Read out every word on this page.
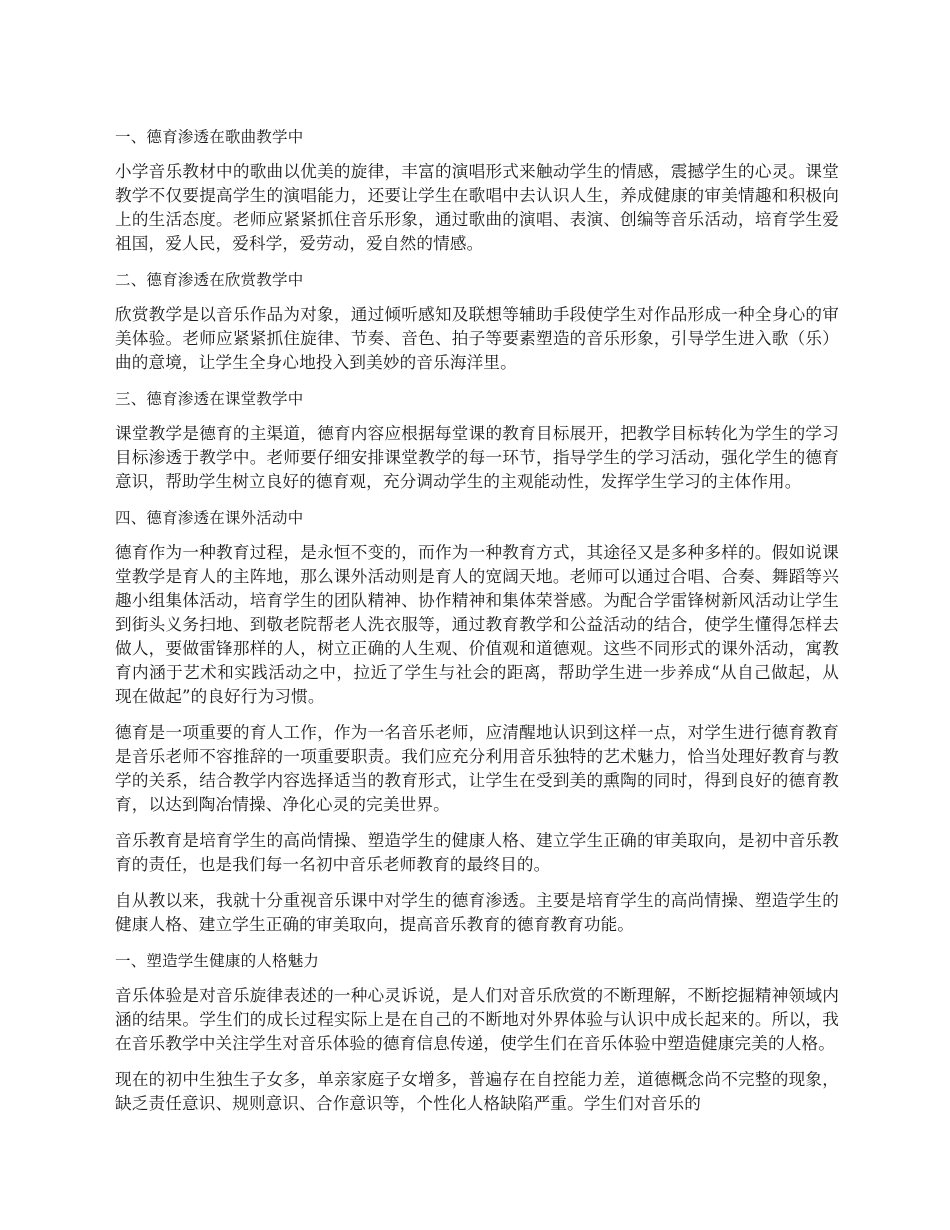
一、德育渗透在歌曲教学中
小学音乐教材中的歌曲以优美的旋律，丰富的演唱形式来触动学生的情感，震撼学生的心灵。课堂教学不仅要提高学生的演唱能力，还要让学生在歌唱中去认识人生，养成健康的审美情趣和积极向上的生活态度。老师应紧紧抓住音乐形象，通过歌曲的演唱、表演、创编等音乐活动，培育学生爱祖国，爱人民，爱科学，爱劳动，爱自然的情感。
二、德育渗透在欣赏教学中
欣赏教学是以音乐作品为对象，通过倾听感知及联想等辅助手段使学生对作品形成一种全身心的审美体验。老师应紧紧抓住旋律、节奏、音色、拍子等要素塑造的音乐形象，引导学生进入歌（乐）曲的意境，让学生全身心地投入到美妙的音乐海洋里。
三、德育渗透在课堂教学中
课堂教学是德育的主渠道，德育内容应根据每堂课的教育目标展开，把教学目标转化为学生的学习目标渗透于教学中。老师要仔细安排课堂教学的每一环节，指导学生的学习活动，强化学生的德育意识，帮助学生树立良好的德育观，充分调动学生的主观能动性，发挥学生学习的主体作用。
四、德育渗透在课外活动中
德育作为一种教育过程，是永恒不变的，而作为一种教育方式，其途径又是多种多样的。假如说课堂教学是育人的主阵地，那么课外活动则是育人的宽阔天地。老师可以通过合唱、合奏、舞蹈等兴趣小组集体活动，培育学生的团队精神、协作精神和集体荣誉感。为配合学雷锋树新风活动让学生到街头义务扫地、到敬老院帮老人洗衣服等，通过教育教学和公益活动的结合，使学生懂得怎样去做人，要做雷锋那样的人，树立正确的人生观、价值观和道德观。这些不同形式的课外活动，寓教育内涵于艺术和实践活动之中，拉近了学生与社会的距离，帮助学生进一步养成“从自己做起，从现在做起”的良好行为习惯。
德育是一项重要的育人工作，作为一名音乐老师，应清醒地认识到这样一点，对学生进行德育教育是音乐老师不容推辞的一项重要职责。我们应充分利用音乐独特的艺术魅力，恰当处理好教育与教学的关系，结合教学内容选择适当的教育形式，让学生在受到美的熏陶的同时，得到良好的德育教育，以达到陶冶情操、净化心灵的完美世界。
音乐教育是培育学生的高尚情操、塑造学生的健康人格、建立学生正确的审美取向，是初中音乐教育的责任，也是我们每一名初中音乐老师教育的最终目的。
自从教以来，我就十分重视音乐课中对学生的德育渗透。主要是培育学生的高尚情操、塑造学生的健康人格、建立学生正确的审美取向，提高音乐教育的德育教育功能。
一、塑造学生健康的人格魅力
音乐体验是对音乐旋律表述的一种心灵诉说，是人们对音乐欣赏的不断理解，不断挖掘精神领域内涵的结果。学生们的成长过程实际上是在自己的不断地对外界体验与认识中成长起来的。所以，我在音乐教学中关注学生对音乐体验的德育信息传递，使学生们在音乐体验中塑造健康完美的人格。
现在的初中生独生子女多，单亲家庭子女增多，普遍存在自控能力差，道德概念尚不完整的现象，缺乏责任意识、规则意识、合作意识等，个性化人格缺陷严重。学生们对音乐的
